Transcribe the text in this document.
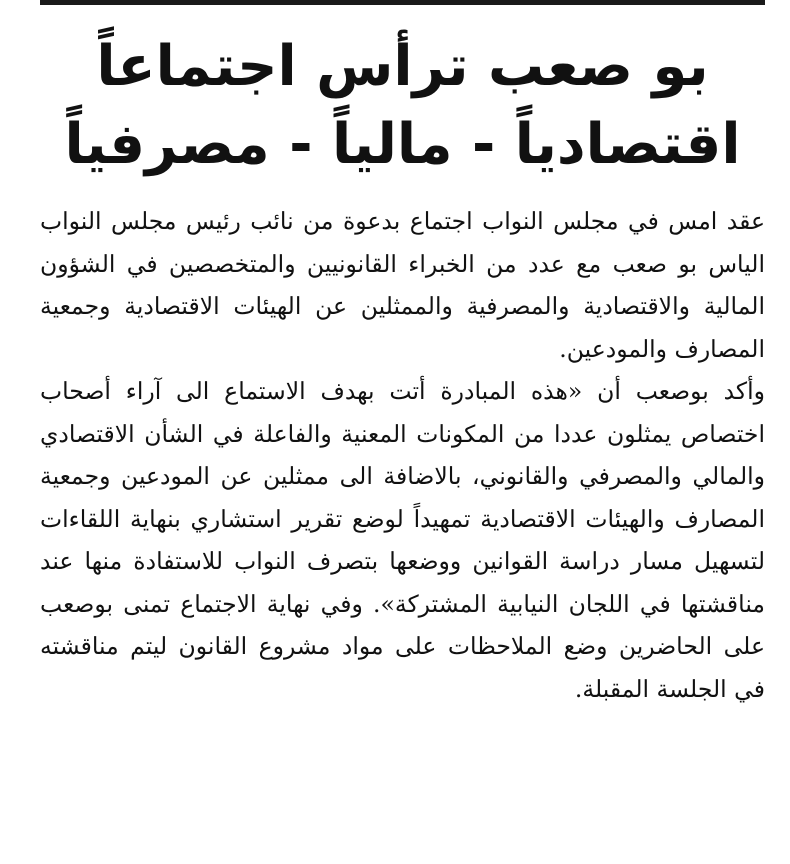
بو صعب ترأس اجتماعاً
اقتصادياً - مالياً - مصرفياً

عقد امس في مجلس النواب اجتماع بدعوة من نائب رئيس مجلس النواب الياس بو صعب مع عدد من الخبراء القانونيين والمتخصصين في الشؤون المالية والاقتصادية والمصرفية والممثلين عن الهيئات الاقتصادية وجمعية المصارف والمودعين.

وأكد بوصعب أن «هذه المبادرة أتت بهدف الاستماع الى آراء أصحاب اختصاص يمثلون عددا من المكونات المعنية والفاعلة في الشأن الاقتصادي والمالي والمصرفي والقانوني، بالاضافة الى ممثلين عن المودعين وجمعية المصارف والهيئات الاقتصادية تمهيداً لوضع تقرير استشاري بنهاية اللقاءات لتسهيل مسار دراسة القوانين ووضعها بتصرف النواب للاستفادة منها عند مناقشتها في اللجان النيابية المشتركة». وفي نهاية الاجتماع تمنى بوصعب على الحاضرين وضع الملاحظات على مواد مشروع القانون ليتم مناقشته في الجلسة المقبلة.
